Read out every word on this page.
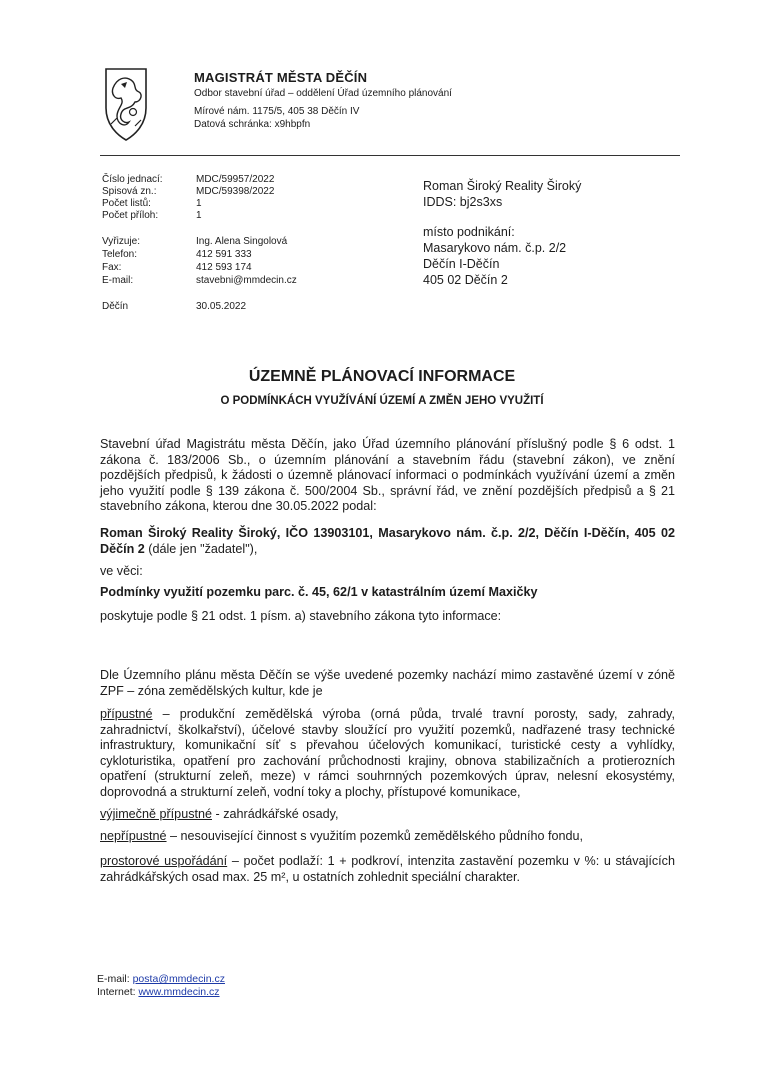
MAGISTRÁT MĚSTA DĚČÍN
Odbor stavební úřad – oddělení Úřad územního plánování
Mírové nám. 1175/5, 405 38 Děčín IV
Datová schránka: x9hbpfn
Číslo jednací:	MDC/59957/2022
Spisová zn.:	MDC/59398/2022
Počet listů:	1
Počet příloh:	1
Vyřizuje:	Ing. Alena Singolová
Telefon:	412 591 333
Fax:	412 593 174
E-mail:	stavebni@mmdecin.cz
Děčín	30.05.2022
Roman Široký Reality Široký
IDDS: bj2s3xs
místo podnikání:
Masarykovo nám. č.p. 2/2
Děčín I-Děčín
405 02 Děčín 2
ÚZEMNĚ PLÁNOVACÍ INFORMACE
O PODMÍNKÁCH VYUŽÍVÁNÍ ÚZEMÍ A ZMĚN JEHO VYUŽITÍ
Stavební úřad Magistrátu města Děčín, jako Úřad územního plánování příslušný podle § 6 odst. 1 zákona č. 183/2006 Sb., o územním plánování a stavebním řádu (stavební zákon), ve znění pozdějších předpisů, k žádosti o územně plánovací informaci o podmínkách využívání území a změn jeho využití podle § 139 zákona č. 500/2004 Sb., správní řád, ve znění pozdějších předpisů a § 21 stavebního zákona, kterou dne 30.05.2022 podal:
Roman Široký Reality Široký, IČO 13903101, Masarykovo nám. č.p. 2/2, Děčín I-Děčín, 405 02 Děčín 2 (dále jen "žadatel"),
ve věci:
Podmínky využití pozemku parc. č. 45, 62/1 v katastrálním území Maxičky
poskytuje podle § 21 odst. 1 písm. a) stavebního zákona tyto informace:
Dle Územního plánu města Děčín se výše uvedené pozemky nachází mimo zastavěné území v zóně ZPF – zóna zemědělských kultur, kde je
přípustné – produkční zemědělská výroba (orná půda, trvalé travní porosty, sady, zahrady, zahradnictví, školkařství), účelové stavby sloužící pro využití pozemků, nadřazené trasy technické infrastruktury, komunikační síť s převahou účelových komunikací, turistické cesty a vyhlídky, cykloturistika, opatření pro zachování průchodnosti krajiny, obnova stabilizačních a protierozních opatření (strukturní zeleň, meze) v rámci souhrnných pozemkových úprav, nelesní ekosystémy, doprovodná a strukturní zeleň, vodní toky a plochy, přístupové komunikace,
výjimečně přípustné - zahrádkářské osady,
nepřípustné – nesouvisející činnost s využitím pozemků zemědělského půdního fondu,
prostorové uspořádání – počet podlaží: 1 + podkroví, intenzita zastavění pozemku v %: u stávajících zahrádkářských osad max. 25 m², u ostatních zohlednit speciální charakter.
E-mail: posta@mmdecin.cz
Internet: www.mmdecin.cz
